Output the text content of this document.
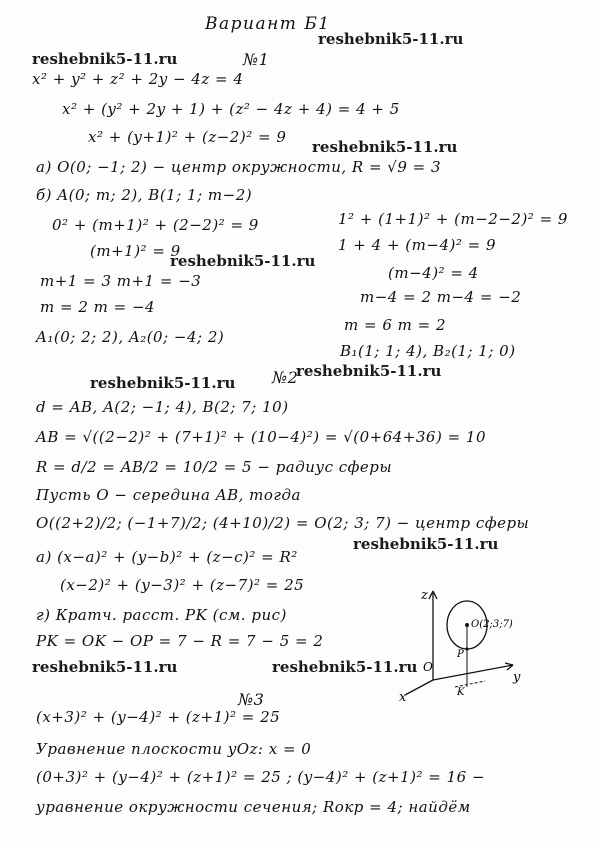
Вариант Б1
reshebnik5-11.ru
reshebnik5-11.ru
reshebnik5-11.ru
reshebnik5-11.ru
reshebnik5-11.ru
reshebnik5-11.ru
reshebnik5-11.ru
reshebnik5-11.ru	reshebnik5-11.ru
№1
x² + y² + z² + 2y − 4z = 4
x² + (y² + 2y + 1) + (z² − 4z + 4) = 4 + 5
x² + (y+1)² + (z−2)² = 9
а) O(0; −1; 2) − центр окружности, R = √9 = 3
б) A(0; m; 2), B(1; 1; m−2)
0² + (m+1)² + (2−2)² = 9
(m+1)² = 9
m+1 = 3 m+1 = −3
m = 2 m = −4
A₁(0; 2; 2), A₂(0; −4; 2)
1² + (1+1)² + (m−2−2)² = 9
1 + 4 + (m−4)² = 9
(m−4)² = 4
m−4 = 2 m−4 = −2
m = 6 m = 2
B₁(1; 1; 4), B₂(1; 1; 0)
№2
d = AB, A(2; −1; 4), B(2; 7; 10)
AB = √((2−2)² + (7+1)² + (10−4)²) = √(0+64+36) = 10
R = d/2 = AB/2 = 10/2 = 5 − радиус сферы
Пусть O − середина AB, тогда
O((2+2)/2; (−1+7)/2; (4+10)/2) = O(2; 3; 7) − центр сферы
а) (x−a)² + (y−b)² + (z−c)² = R²
(x−2)² + (y−3)² + (z−7)² = 25
г) Кратч. расст. PK (см. рис)
PK = OK − OP = 7 − R = 7 − 5 = 2
z
y
x
O
O(2;3;7)
P
K
№3
(x+3)² + (y−4)² + (z+1)² = 25
Уравнение плоскости yOz: x = 0
(0+3)² + (y−4)² + (z+1)² = 25 ; (y−4)² + (z+1)² = 16 −
уравнение окружности сечения; Rокр = 4; найдём
